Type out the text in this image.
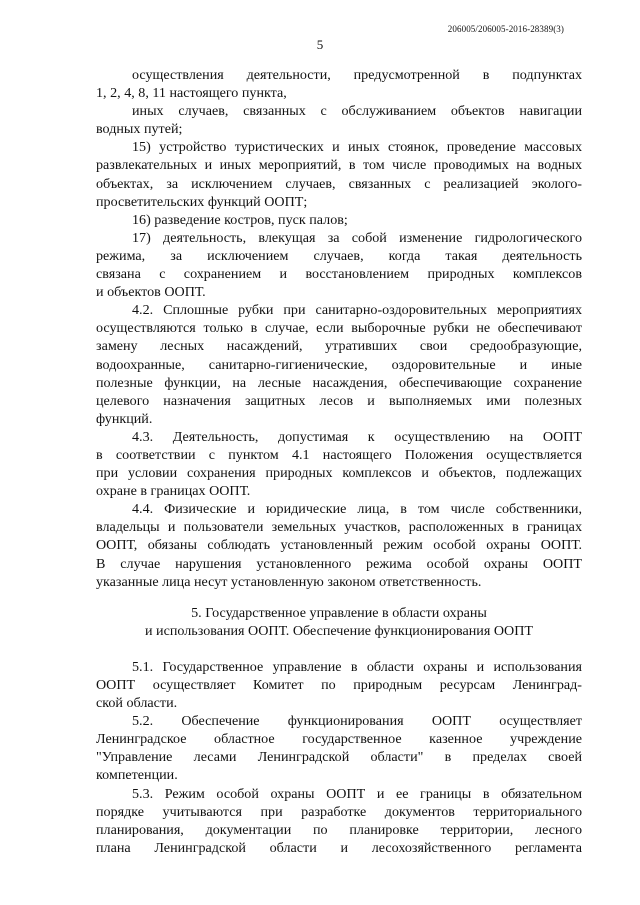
206005/206005-2016-28389(3)
5
осуществления деятельности, предусмотренной в подпунктах
1, 2, 4, 8, 11 настоящего пункта,
иных случаев, связанных с обслуживанием объектов навигации
водных путей;
15) устройство туристических и иных стоянок, проведение массовых
развлекательных и иных мероприятий, в том числе проводимых на водных
объектах, за исключением случаев, связанных с реализацией эколого-
просветительских функций ООПТ;
16) разведение костров, пуск палов;
17) деятельность, влекущая за собой изменение гидрологического
режима, за исключением случаев, когда такая деятельность
связана с сохранением и восстановлением природных комплексов
и объектов ООПТ.
4.2. Сплошные рубки при санитарно-оздоровительных мероприятиях
осуществляются только в случае, если выборочные рубки не обеспечивают
замену лесных насаждений, утративших свои средообразующие,
водоохранные, санитарно-гигиенические, оздоровительные и иные
полезные функции, на лесные насаждения, обеспечивающие сохранение
целевого назначения защитных лесов и выполняемых ими полезных
функций.
4.3. Деятельность, допустимая к осуществлению на ООПТ
в соответствии с пунктом 4.1 настоящего Положения осуществляется
при условии сохранения природных комплексов и объектов, подлежащих
охране в границах ООПТ.
4.4. Физические и юридические лица, в том числе собственники,
владельцы и пользователи земельных участков, расположенных в границах
ООПТ, обязаны соблюдать установленный режим особой охраны ООПТ.
В случае нарушения установленного режима особой охраны ООПТ
указанные лица несут установленную законом ответственность.
5. Государственное управление в области охраны
и использования ООПТ. Обеспечение функционирования ООПТ
5.1. Государственное управление в области охраны и использования
ООПТ осуществляет Комитет по природным ресурсам Ленинград-
ской области.
5.2. Обеспечение функционирования ООПТ осуществляет
Ленинградское областное государственное казенное учреждение
"Управление лесами Ленинградской области" в пределах своей
компетенции.
5.3. Режим особой охраны ООПТ и ее границы в обязательном
порядке учитываются при разработке документов территориального
планирования, документации по планировке территории, лесного
плана Ленинградской области и лесохозяйственного регламента
